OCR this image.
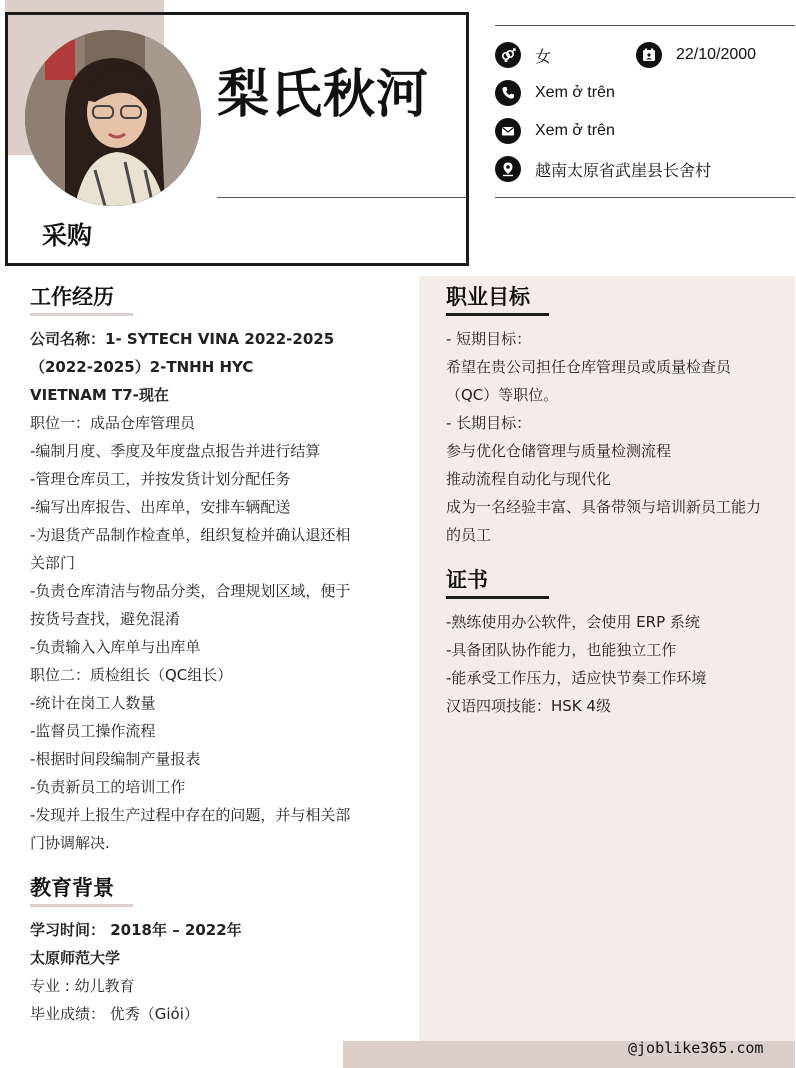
梨氏秋河
采购
女	22/10/2000
Xem ở trên
Xem ở trên
越南太原省武崖县长舍村
工作经历
公司名称：1- SYTECH VINA 2022-2025
（2022-2025）2-TNHH HYC
VIETNAM T7-现在
职位一：成品仓库管理员
-编制月度、季度及年度盘点报告并进行结算
-管理仓库员工，并按发货计划分配任务
-编写出库报告、出库单，安排车辆配送
-为退货产品制作检查单，组织复检并确认退还相
关部门
-负责仓库清洁与物品分类，合理规划区域，便于
按货号查找，避免混淆
-负责输入入库单与出库单
职位二：质检组长（QC组长）
-统计在岗工人数量
-监督员工操作流程
-根据时间段编制产量报表
-负责新员工的培训工作
-发现并上报生产过程中存在的问题，并与相关部
门协调解决.
教育背景
学习时间： 2018年 – 2022年
太原师范大学
专业 : 幼儿教育
毕业成绩： 优秀（Giỏi）
职业目标
- 短期目标：
希望在贵公司担任仓库管理员或质量检查员
（QC）等职位。
- 长期目标：
参与优化仓储管理与质量检测流程
推动流程自动化与现代化
成为一名经验丰富、具备带领与培训新员工能力
的员工
证书
-熟练使用办公软件，会使用 ERP 系统
-具备团队协作能力，也能独立工作
-能承受工作压力，适应快节奏工作环境
汉语四项技能：HSK 4级
@joblike365.com
